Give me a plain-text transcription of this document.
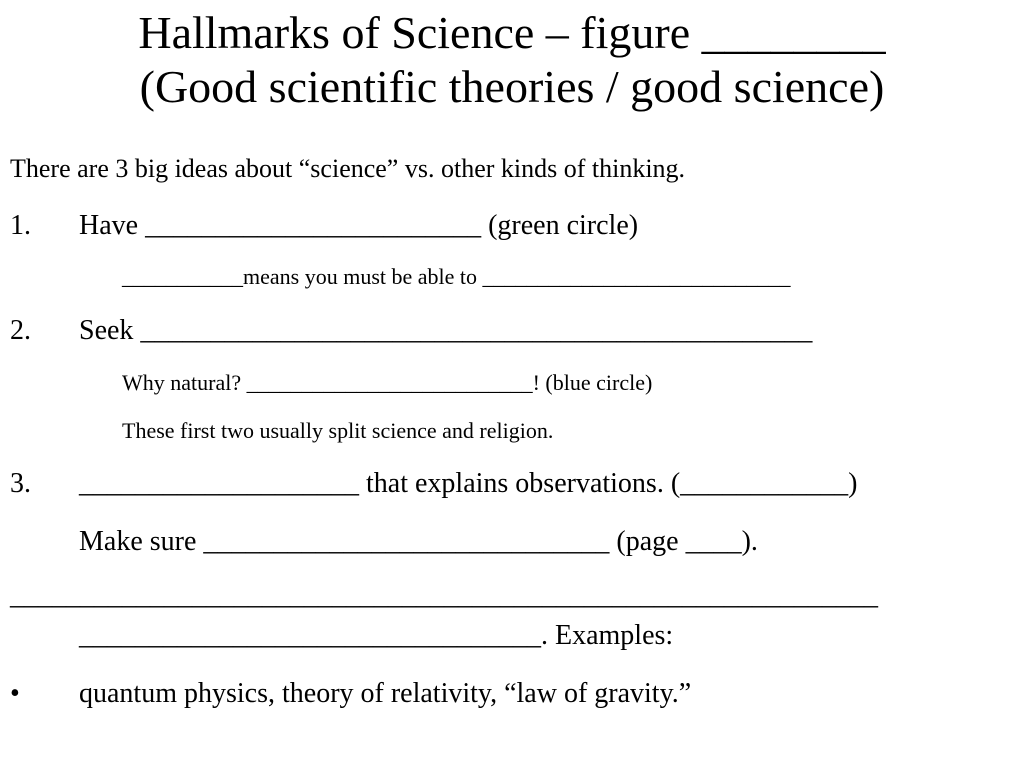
Hallmarks of Science – figure ________
(Good scientific theories / good science)
There are 3 big ideas about “science” vs. other kinds of thinking.
1. Have ________________________ (green circle)
___________means you must be able to ____________________________
2. Seek ________________________________________________
Why natural? __________________________! (blue circle)
These first two usually split science and religion.
3. ____________________ that explains observations. (____________)
Make sure _____________________________ (page ____).
______________________________________________________________
_________________________________. Examples:
• quantum physics, theory of relativity, “law of gravity.”
